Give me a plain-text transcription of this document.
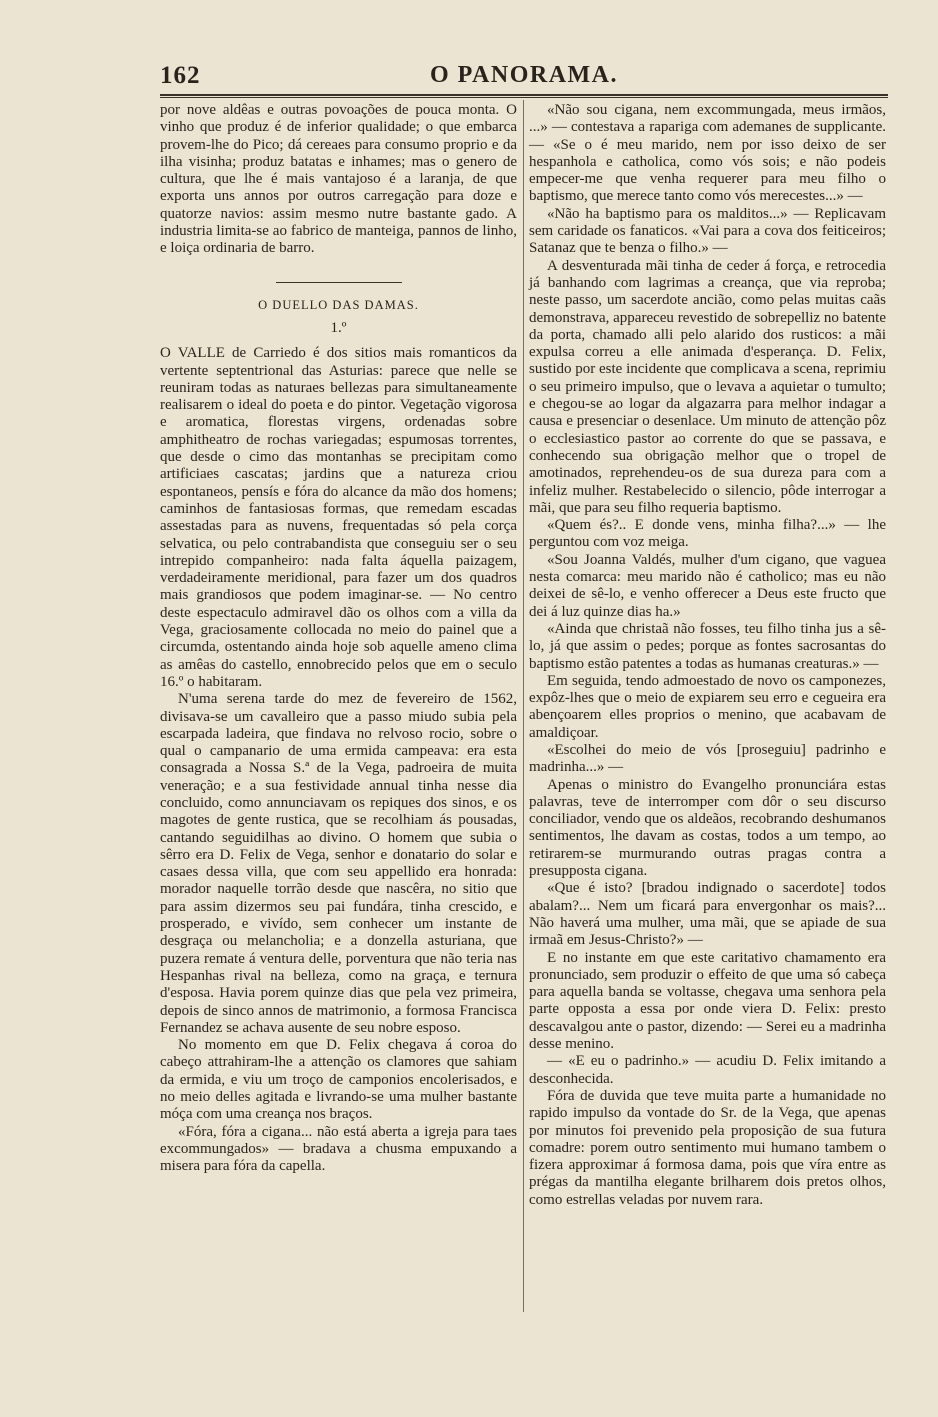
162	O PANORAMA.

por nove aldêas e outras povoações de pouca monta. O vinho que produz é de inferior qualidade; o que embarca provem-lhe do Pico; dá cereaes para consumo proprio e da ilha visinha; produz batatas e inhames; mas o genero de cultura, que lhe é mais vantajoso é a laranja, de que exporta uns annos por outros carregação para doze e quatorze navios: assim mesmo nutre bastante gado. A industria limita-se ao fabrico de manteiga, pannos de linho, e loiça ordinaria de barro.

O DUELLO DAS DAMAS.
1.º

O VALLE de Carriedo é dos sitios mais romanticos da vertente septentrional das Asturias: parece que nelle se reuniram todas as naturaes bellezas para simultaneamente realisarem o ideal do poeta e do pintor. Vegetação vigorosa e aromatica, florestas virgens, ordenadas sobre amphitheatro de rochas variegadas; espumosas torrentes, que desde o cimo das montanhas se precipitam como artificiaes cascatas; jardins que a natureza criou espontaneos, pensís e fóra do alcance da mão dos homens; caminhos de fantasiosas formas, que remedam escadas assestadas para as nuvens, frequentadas só pela corça selvatica, ou pelo contrabandista que conseguiu ser o seu intrepido companheiro: nada falta áquella paizagem, verdadeiramente meridional, para fazer um dos quadros mais grandiosos que podem imaginar-se. — No centro deste espectaculo admiravel dão os olhos com a villa da Vega, graciosamente collocada no meio do painel que a circumda, ostentando ainda hoje sob aquelle ameno clima as amêas do castello, ennobrecido pelos que em o seculo 16.º o habitaram.

N'uma serena tarde do mez de fevereiro de 1562, divisava-se um cavalleiro que a passo miudo subia pela escarpada ladeira, que findava no relvoso rocio, sobre o qual o campanario de uma ermida campeava: era esta consagrada a Nossa S.ª de la Vega, padroeira de muita veneração; e a sua festividade annual tinha nesse dia concluido, como annunciavam os repiques dos sinos, e os magotes de gente rustica, que se recolhiam ás pousadas, cantando seguidilhas ao divino. O homem que subia o sêrro era D. Felix de Vega, senhor e donatario do solar e casaes dessa villa, que com seu appellido era honrada: morador naquelle torrão desde que nascêra, no sitio que para assim dizermos seu pai fundára, tinha crescido, e prosperado, e vivído, sem conhecer um instante de desgraça ou melancholia; e a donzella asturiana, que puzera remate á ventura delle, porventura que não teria nas Hespanhas rival na belleza, como na graça, e ternura d'esposa. Havia porem quinze dias que pela vez primeira, depois de sinco annos de matrimonio, a formosa Francisca Fernandez se achava ausente de seu nobre esposo.

No momento em que D. Felix chegava á coroa do cabeço attrahiram-lhe a attenção os clamores que sahiam da ermida, e viu um troço de camponios encolerisados, e no meio delles agitada e livrando-se uma mulher bastante móça com uma creança nos braços.

«Fóra, fóra a cigana... não está aberta a igreja para taes excommungados» — bradava a chusma empuxando a misera para fóra da capella.

«Não sou cigana, nem excommungada, meus irmãos, ...» — contestava a rapariga com ademanes de supplicante. — «Se o é meu marido, nem por isso deixo de ser hespanhola e catholica, como vós sois; e não podeis empecer-me que venha requerer para meu filho o baptismo, que merece tanto como vós merecestes...» —

«Não ha baptismo para os malditos...» — Replicavam sem caridade os fanaticos. «Vai para a cova dos feiticeiros; Satanaz que te benza o filho.» —

A desventurada mãi tinha de ceder á força, e retrocedia já banhando com lagrimas a creança, que via reproba; neste passo, um sacerdote ancião, como pelas muitas caãs demonstrava, appareceu revestido de sobrepelliz no batente da porta, chamado alli pelo alarido dos rusticos: a mãi expulsa correu a elle animada d'esperança. D. Felix, sustido por este incidente que complicava a scena, reprimiu o seu primeiro impulso, que o levava a aquietar o tumulto; e chegou-se ao logar da algazarra para melhor indagar a causa e presenciar o desenlace. Um minuto de attenção pôz o ecclesiastico pastor ao corrente do que se passava, e conhecendo sua obrigação melhor que o tropel de amotinados, reprehendeu-os de sua dureza para com a infeliz mulher. Restabelecido o silencio, pôde interrogar a mãi, que para seu filho requeria baptismo.

«Quem és?.. E donde vens, minha filha?...» — lhe perguntou com voz meiga.

«Sou Joanna Valdés, mulher d'um cigano, que vaguea nesta comarca: meu marido não é catholico; mas eu não deixei de sê-lo, e venho offerecer a Deus este fructo que dei á luz quinze dias ha.»

«Ainda que christaã não fosses, teu filho tinha jus a sê-lo, já que assim o pedes; porque as fontes sacrosantas do baptismo estão patentes a todas as humanas creaturas.» —

Em seguida, tendo admoestado de novo os camponezes, expôz-lhes que o meio de expiarem seu erro e cegueira era abençoarem elles proprios o menino, que acabavam de amaldiçoar.

«Escolhei do meio de vós [proseguiu] padrinho e madrinha...» —

Apenas o ministro do Evangelho pronunciára estas palavras, teve de interromper com dôr o seu discurso conciliador, vendo que os aldeãos, recobrando deshumanos sentimentos, lhe davam as costas, todos a um tempo, ao retirarem-se murmurando outras pragas contra a presupposta cigana.

«Que é isto? [bradou indignado o sacerdote] todos abalam?... Nem um ficará para envergonhar os mais?... Não haverá uma mulher, uma mãi, que se apiade de sua irmaã em Jesus-Christo?» —

E no instante em que este caritativo chamamento era pronunciado, sem produzir o effeito de que uma só cabeça para aquella banda se voltasse, chegava uma senhora pela parte opposta a essa por onde viera D. Felix: presto descavalgou ante o pastor, dizendo: — Serei eu a madrinha desse menino.

— «E eu o padrinho.» — acudiu D. Felix imitando a desconhecida.

Fóra de duvida que teve muita parte a humanidade no rapido impulso da vontade do Sr. de la Vega, que apenas por minutos foi prevenido pela proposição de sua futura comadre: porem outro sentimento mui humano tambem o fizera approximar á formosa dama, pois que víra entre as prégas da mantilha elegante brilharem dois pretos olhos, como estrellas veladas por nuvem rara.
